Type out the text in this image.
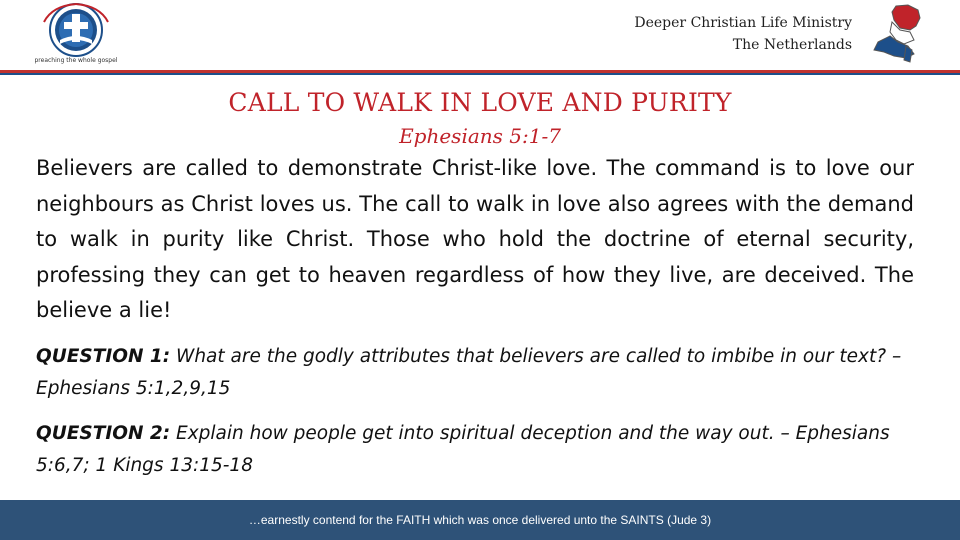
preaching the whole gospel
Deeper Christian Life Ministry
The Netherlands
CALL TO WALK IN LOVE AND PURITY
Ephesians 5:1-7
Believers are called to demonstrate Christ-like love. The command is to love our neighbours as Christ loves us. The call to walk in love also agrees with the demand to walk in purity like Christ. Those who hold the doctrine of eternal security, professing they can get to heaven regardless of how they live, are deceived. The believe a lie!
QUESTION 1: What are the godly attributes that believers are called to imbibe in our text? – Ephesians 5:1,2,9,15
QUESTION 2: Explain how people get into spiritual deception and the way out. – Ephesians 5:6,7; 1 Kings 13:15-18
…earnestly contend for the FAITH which was once delivered unto the SAINTS (Jude 3)
